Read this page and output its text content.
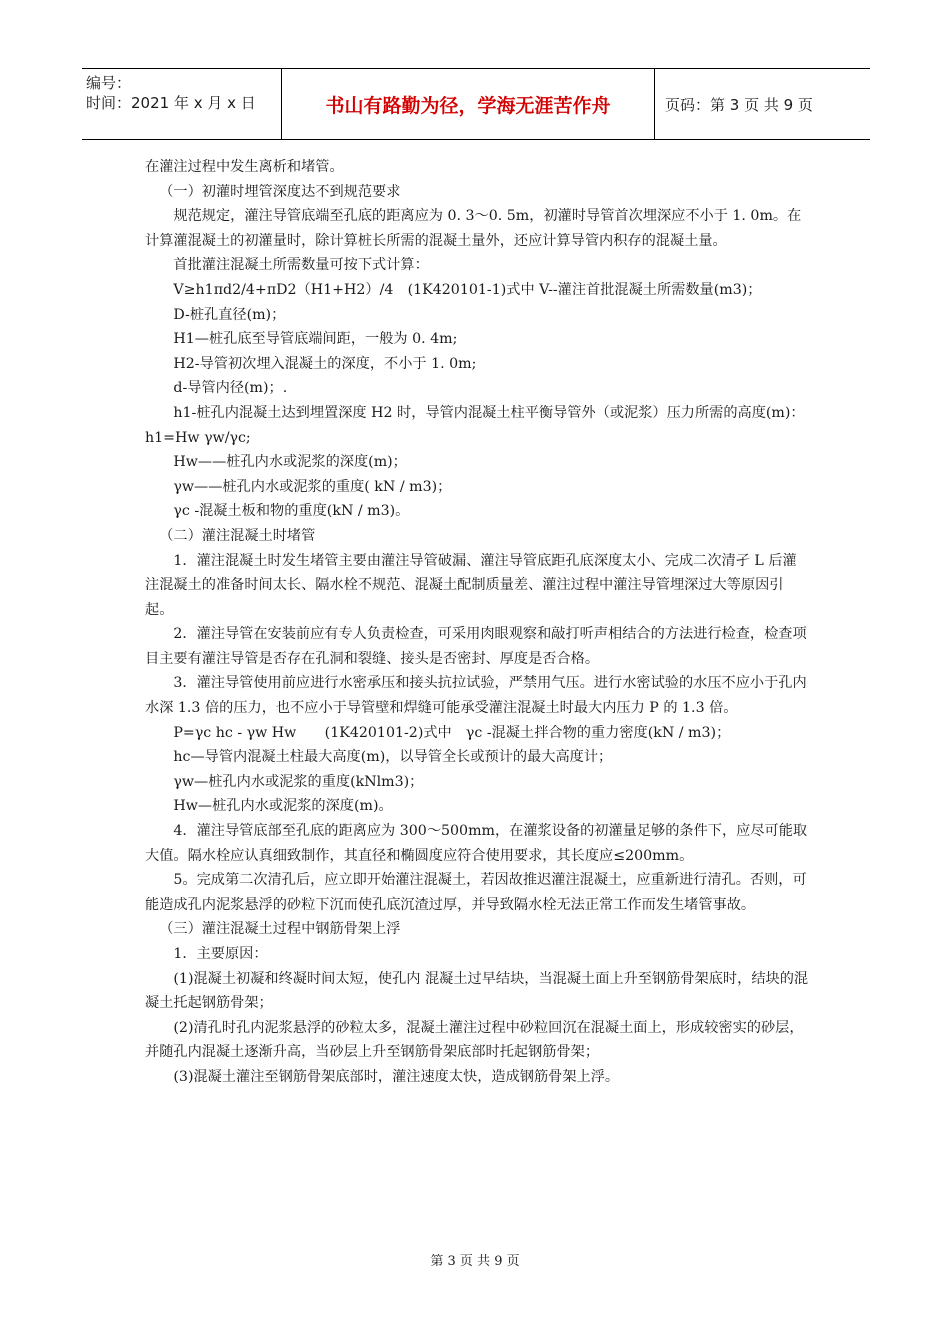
编号：
时间：2021 年 x 月 x 日	书山有路勤为径，学海无涯苦作舟	页码：第 3 页 共 9 页

在灌注过程中发生离析和堵管。

（一）初灌时埋管深度达不到规范要求

规范规定，灌注导管底端至孔底的距离应为 0. 3～0. 5m，初灌时导管首次埋深应不小于 1. 0m。在计算灌混凝土的初灌量时，除计算桩长所需的混凝土量外，还应计算导管内积存的混凝土量。

首批灌注混凝土所需数量可按下式计算：

V≥h1πd2/4+πD2（H1+H2）/4　(1K420101-1)式中 V--灌注首批混凝土所需数量(m3)；

D-桩孔直径(m)；

H1—桩孔底至导管底端间距，一般为 0. 4m;

H2-导管初次埋入混凝土的深度，不小于 1. 0m;

d-导管内径(m)；.

h1-桩孔内混凝土达到埋置深度 H2 时，导管内混凝土柱平衡导管外（或泥浆）压力所需的高度(m)：h1=Hw γw/γc;

Hw——桩孔内水或泥浆的深度(m)；

γw——桩孔内水或泥浆的重度( kN / m3)；

γc -混凝土板和物的重度(kN / m3)。

（二）灌注混凝土时堵管

1．灌注混凝土时发生堵管主要由灌注导管破漏、灌注导管底距孔底深度太小、完成二次清孑 L 后灌注混凝土的准备时间太长、隔水栓不规范、混凝土配制质量差、灌注过程中灌注导管埋深过大等原因引起。

2．灌注导管在安装前应有专人负责检查，可采用肉眼观察和敲打听声相结合的方法进行检查，检查项目主要有灌注导管是否存在孔洞和裂缝、接头是否密封、厚度是否合格。

3．灌注导管使用前应进行水密承压和接头抗拉试验，严禁用气压。进行水密试验的水压不应小于孔内水深 1.3 倍的压力，也不应小于导管壁和焊缝可能承受灌注混凝土时最大内压力 P 的 1.3 倍。

P=γc hc - γw Hw　　(1K420101-2)式中　γc -混凝土拌合物的重力密度(kN / m3)；

hc—导管内混凝土柱最大高度(m)，以导管全长或预计的最大高度计；

γw—桩孔内水或泥浆的重度(kNlm3)；

Hw—桩孔内水或泥浆的深度(m)。

4．灌注导管底部至孔底的距离应为 300～500mm，在灌浆设备的初灌量足够的条件下，应尽可能取大值。隔水栓应认真细致制作，其直径和椭圆度应符合使用要求，其长度应≤200mm。

5。完成第二次清孔后，应立即开始灌注混凝土，若因故推迟灌注混凝土，应重新进行清孔。否则，可能造成孔内泥浆悬浮的砂粒下沉而使孔底沉渣过厚，并导致隔水栓无法正常工作而发生堵管事故。

（三）灌注混凝土过程中钢筋骨架上浮

1．主要原因：

(1)混凝土初凝和终凝时间太短，使孔内 混凝土过早结块，当混凝土面上升至钢筋骨架底时，结块的混凝土托起钢筋骨架；

(2)清孔时孔内泥浆悬浮的砂粒太多，混凝土灌注过程中砂粒回沉在混凝土面上，形成较密实的砂层，并随孔内混凝土逐渐升高，当砂层上升至钢筋骨架底部时托起钢筋骨架；

(3)混凝土灌注至钢筋骨架底部时，灌注速度太快，造成钢筋骨架上浮。

第 3 页 共 9 页
